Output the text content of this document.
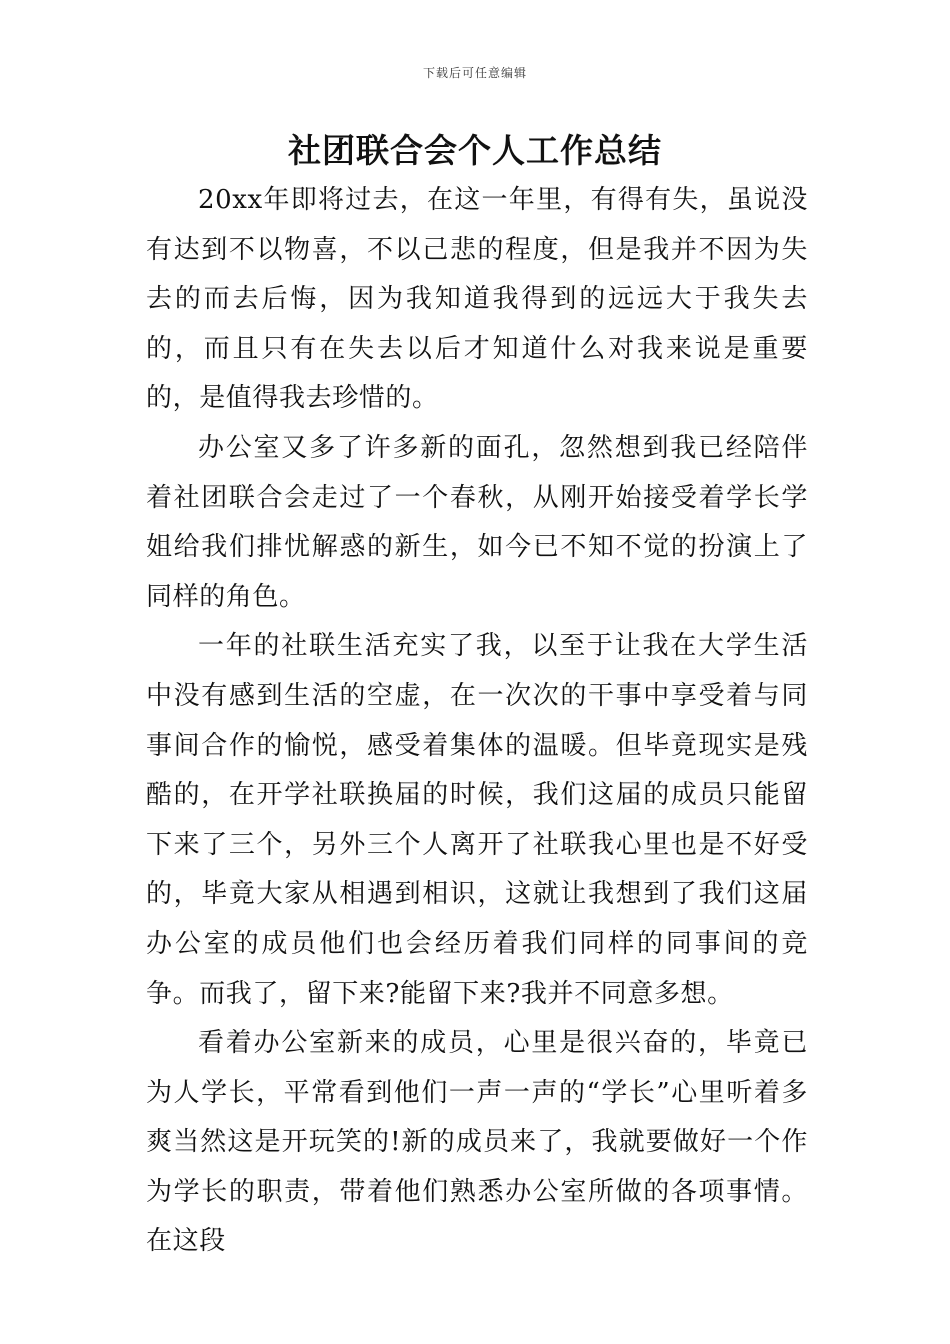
下载后可任意编辑
社团联合会个人工作总结

20xx年即将过去，在这一年里，有得有失，虽说没有达到不以物喜，不以己悲的程度，但是我并不因为失去的而去后悔，因为我知道我得到的远远大于我失去的，而且只有在失去以后才知道什么对我来说是重要的，是值得我去珍惜的。

办公室又多了许多新的面孔，忽然想到我已经陪伴着社团联合会走过了一个春秋，从刚开始接受着学长学姐给我们排忧解惑的新生，如今已不知不觉的扮演上了同样的角色。

一年的社联生活充实了我，以至于让我在大学生活中没有感到生活的空虚，在一次次的干事中享受着与同事间合作的愉悦，感受着集体的温暖。但毕竟现实是残酷的，在开学社联换届的时候，我们这届的成员只能留下来了三个，另外三个人离开了社联我心里也是不好受的，毕竟大家从相遇到相识，这就让我想到了我们这届办公室的成员他们也会经历着我们同样的同事间的竞争。而我了，留下来?能留下来?我并不同意多想。

看着办公室新来的成员，心里是很兴奋的，毕竟已为人学长，平常看到他们一声一声的“学长”心里听着多爽当然这是开玩笑的!新的成员来了，我就要做好一个作为学长的职责，带着他们熟悉办公室所做的各项事情。在这段
